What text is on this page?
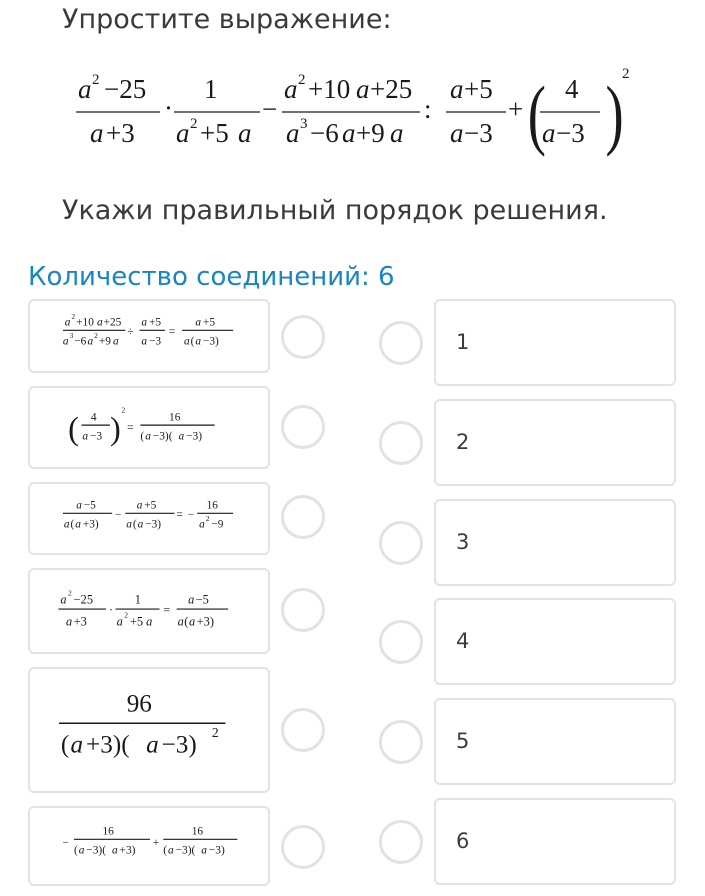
Упростите выражение:
a 2 −25
a +3
·
1
a 2 +5 a
−
a 2 +10 a +25
a 3 −6 a +9 a
:
a +5
a −3
+ ( 4
a −3 )
2
Укажи правильный порядок решения.
Количество соединений: 6
a
2
+10 a +25
a
3
−6 a
2
+9 a
÷
a +5
a −3
=
a +5
a ( a −3)
( 4
a −3 )
2
=
16
( a −3)( a −3)
a −5
a ( a +3)
−
a +5
a ( a −3)
= −
16
a
2
−9
a 2 −25
a +3
·
1
a 2 +5 a
=
a −5
a ( a +3)
96
( a +3)( a −3) 2
−
16
( a −3)( a +3)
+
16
( a −3)( a −3)
1
2
3
4
5
6
